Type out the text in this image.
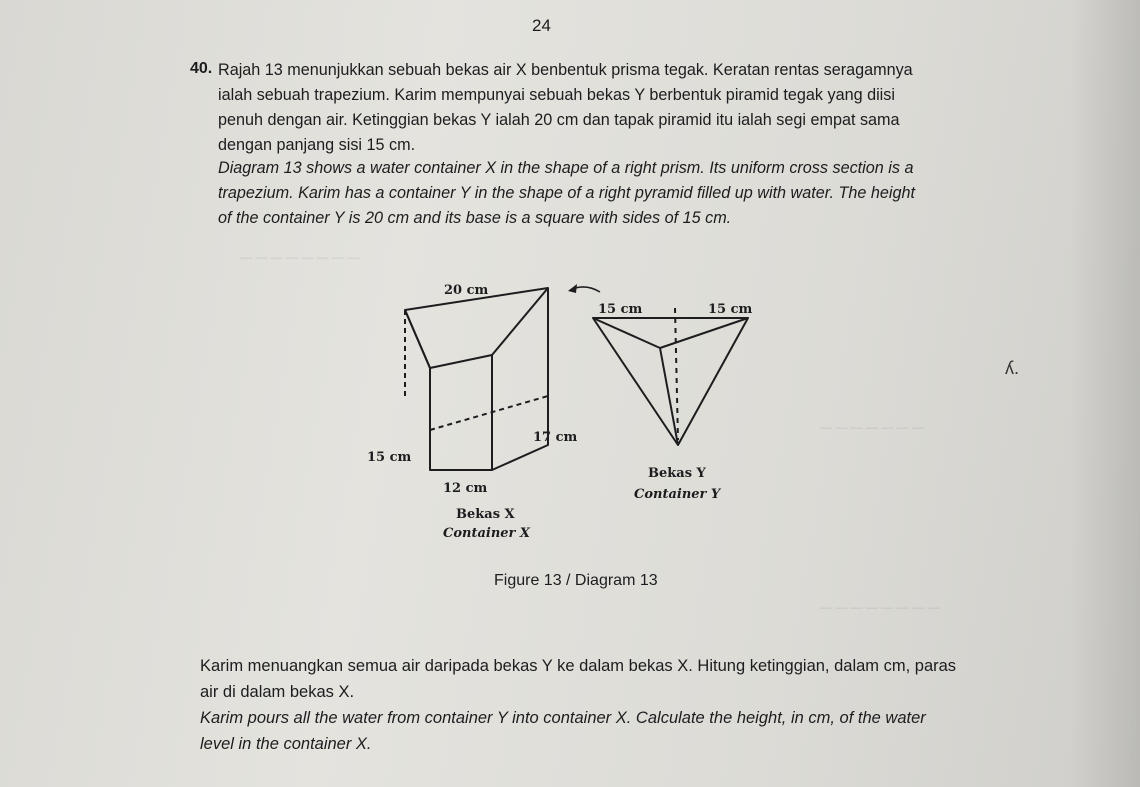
— — — — — — — —
— — — — — — —
— — — — — — — —
24
40. Rajah 13 menunjukkan sebuah bekas air X benbentuk prisma tegak. Keratan rentas seragamnya ialah sebuah trapezium. Karim mempunyai sebuah bekas Y berbentuk piramid tegak yang diisi penuh dengan air. Ketinggian bekas Y ialah 20 cm dan tapak piramid itu ialah segi empat sama dengan panjang sisi 15 cm.

Diagram 13 shows a water container X in the shape of a right prism. Its uniform cross section is a trapezium. Karim has a container Y in the shape of a right pyramid filled up with water. The height of the container Y is 20 cm and its base is a square with sides of 15 cm.

20 cm
15 cm
12 cm
17 cm
Bekas X
Container X
15 cm	15 cm
Bekas Y
Container Y
Figure 13 / Diagram 13
ʎ.

Karim menuangkan semua air daripada bekas Y ke dalam bekas X. Hitung ketinggian, dalam cm, paras air di dalam bekas X.

Karim pours all the water from container Y into container X. Calculate the height, in cm, of the water level in the container X.
